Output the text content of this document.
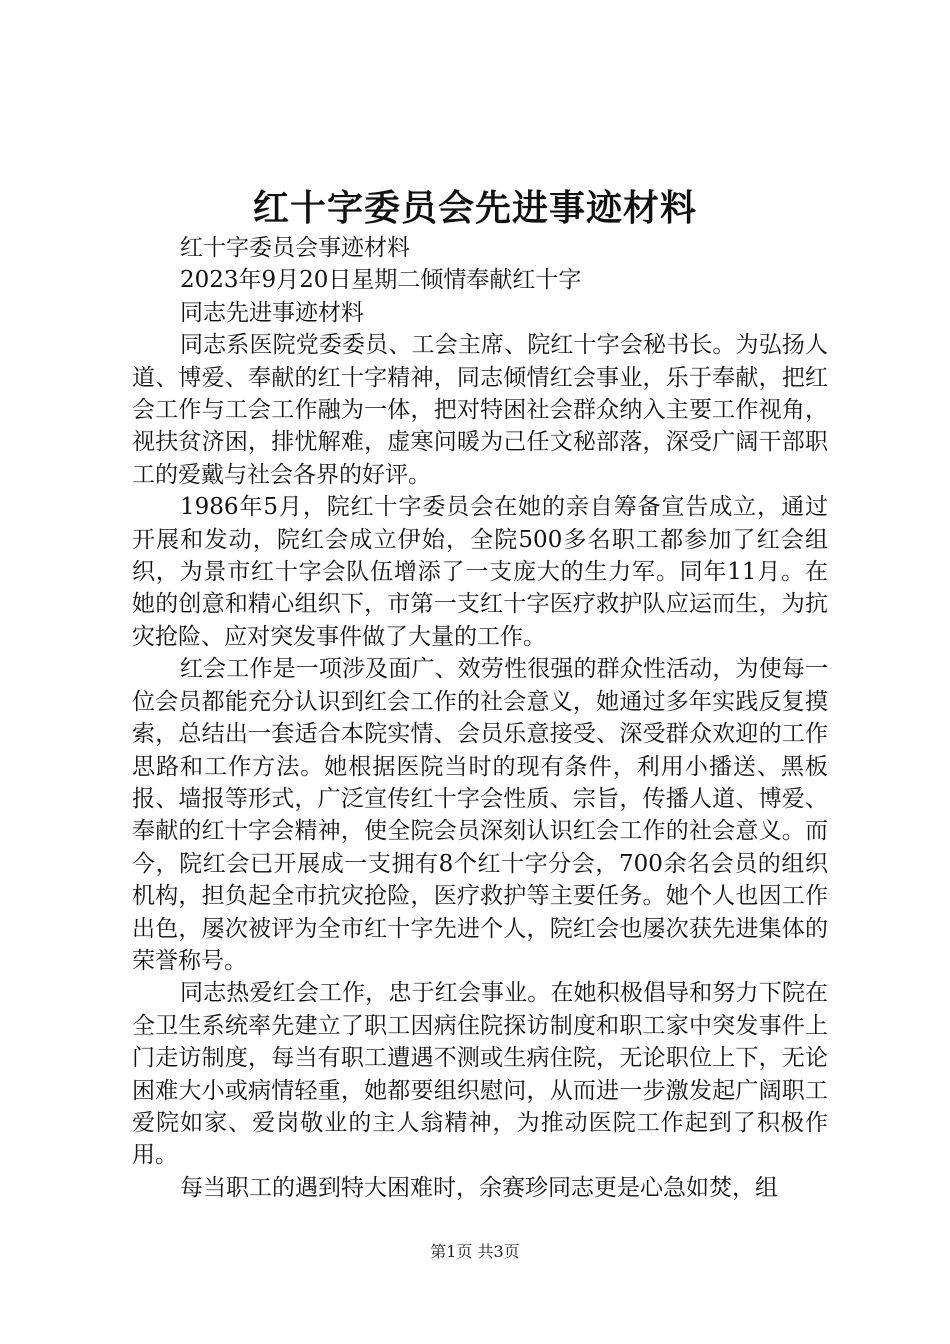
红十字委员会先进事迹材料

红十字委员会事迹材料

2023年9月20日星期二倾情奉献红十字

同志先进事迹材料

同志系医院党委委员、工会主席、院红十字会秘书长。为弘扬人道、博爱、奉献的红十字精神，同志倾情红会事业，乐于奉献，把红会工作与工会工作融为一体，把对特困社会群众纳入主要工作视角，视扶贫济困，排忧解难，虚寒问暖为己任文秘部落，深受广阔干部职工的爱戴与社会各界的好评。

1986年5月，院红十字委员会在她的亲自筹备宣告成立，通过开展和发动，院红会成立伊始，全院500多名职工都参加了红会组织，为景市红十字会队伍增添了一支庞大的生力军。同年11月。在她的创意和精心组织下，市第一支红十字医疗救护队应运而生，为抗灾抢险、应对突发事件做了大量的工作。

红会工作是一项涉及面广、效劳性很强的群众性活动，为使每一位会员都能充分认识到红会工作的社会意义，她通过多年实践反复摸索，总结出一套适合本院实情、会员乐意接受、深受群众欢迎的工作思路和工作方法。她根据医院当时的现有条件，利用小播送、黑板报、墙报等形式，广泛宣传红十字会性质、宗旨，传播人道、博爱、奉献的红十字会精神，使全院会员深刻认识红会工作的社会意义。而今，院红会已开展成一支拥有8个红十字分会，700余名会员的组织机构，担负起全市抗灾抢险，医疗救护等主要任务。她个人也因工作出色，屡次被评为全市红十字先进个人，院红会也屡次获先进集体的荣誉称号。

同志热爱红会工作，忠于红会事业。在她积极倡导和努力下院在全卫生系统率先建立了职工因病住院探访制度和职工家中突发事件上门走访制度，每当有职工遭遇不测或生病住院，无论职位上下，无论困难大小或病情轻重，她都要组织慰问，从而进一步激发起广阔职工爱院如家、爱岗敬业的主人翁精神，为推动医院工作起到了积极作用。

每当职工的遇到特大困难时，余赛珍同志更是心急如焚，组

第1页 共3页
